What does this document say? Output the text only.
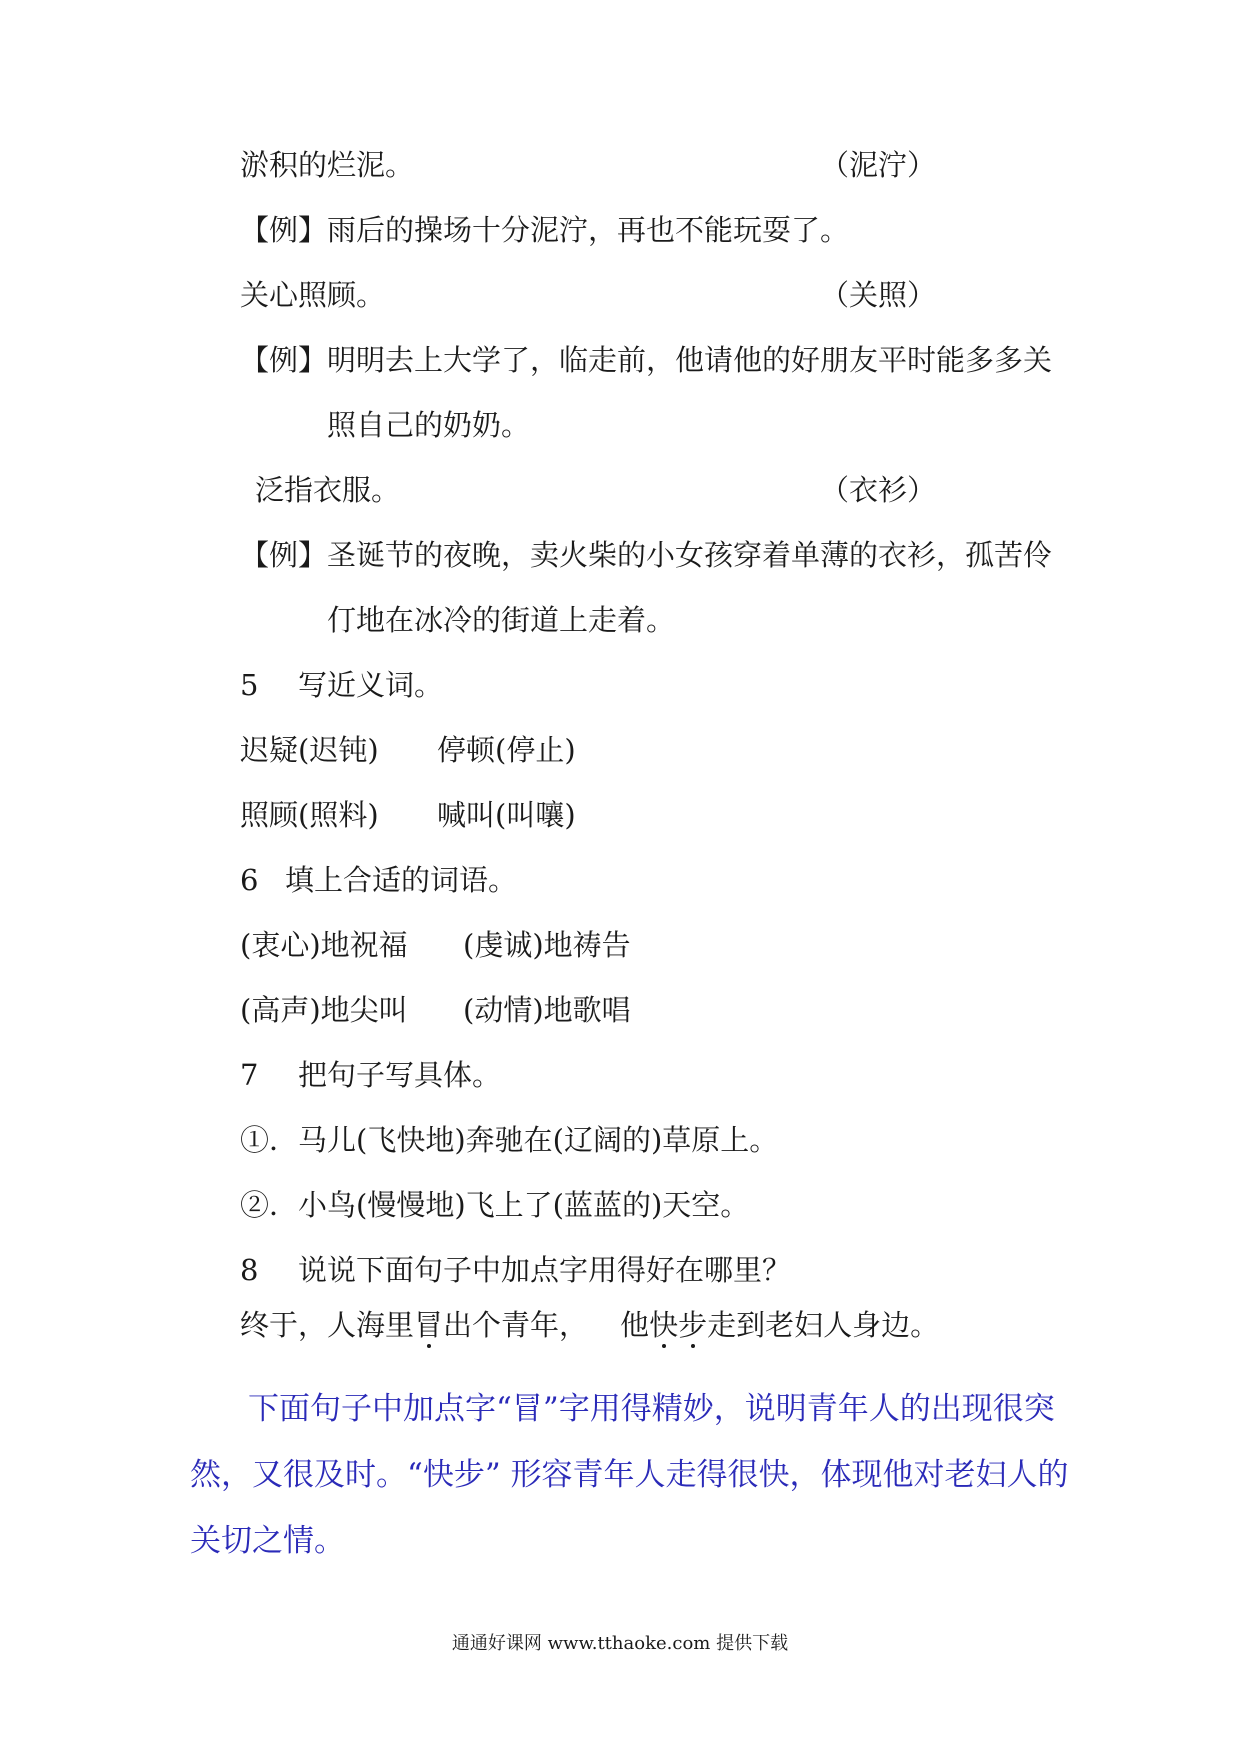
淤积的烂泥。	（泥泞）
【例】 雨后的操场十分泥泞，再也不能玩耍了。
关心照顾。	（关照）
【例】 明明去上大学了，临走前，他请他的好朋友平时能多多关
照自己的奶奶。
泛指衣服。	（衣衫）
【例】 圣诞节的夜晚，卖火柴的小女孩穿着单薄的衣衫，孤苦伶
仃地在冰冷的街道上走着。
5 写近义词。
迟疑(迟钝) 停顿(停止)
照顾(照料) 喊叫(叫嚷)
6 填上合适的词语。
(衷心)地祝福 (虔诚)地祷告
(高声)地尖叫 (动情)地歌唱
7 把句子写具体。
①．马儿(飞快地)奔驰在(辽阔的)草原上。
②．小鸟(慢慢地)飞上了(蓝蓝的)天空。
8 说说下面句子中加点字用得好在哪里？
终于，人海里冒出个青年， 他快步走到老妇人身边。
下面句子中加点字“冒”字用得精妙，说明青年人的出现很突然，又很及时。“快步” 形容青年人走得很快，体现他对老妇人的关切之情。
通通好课网 www.tthaoke.com 提供下载
